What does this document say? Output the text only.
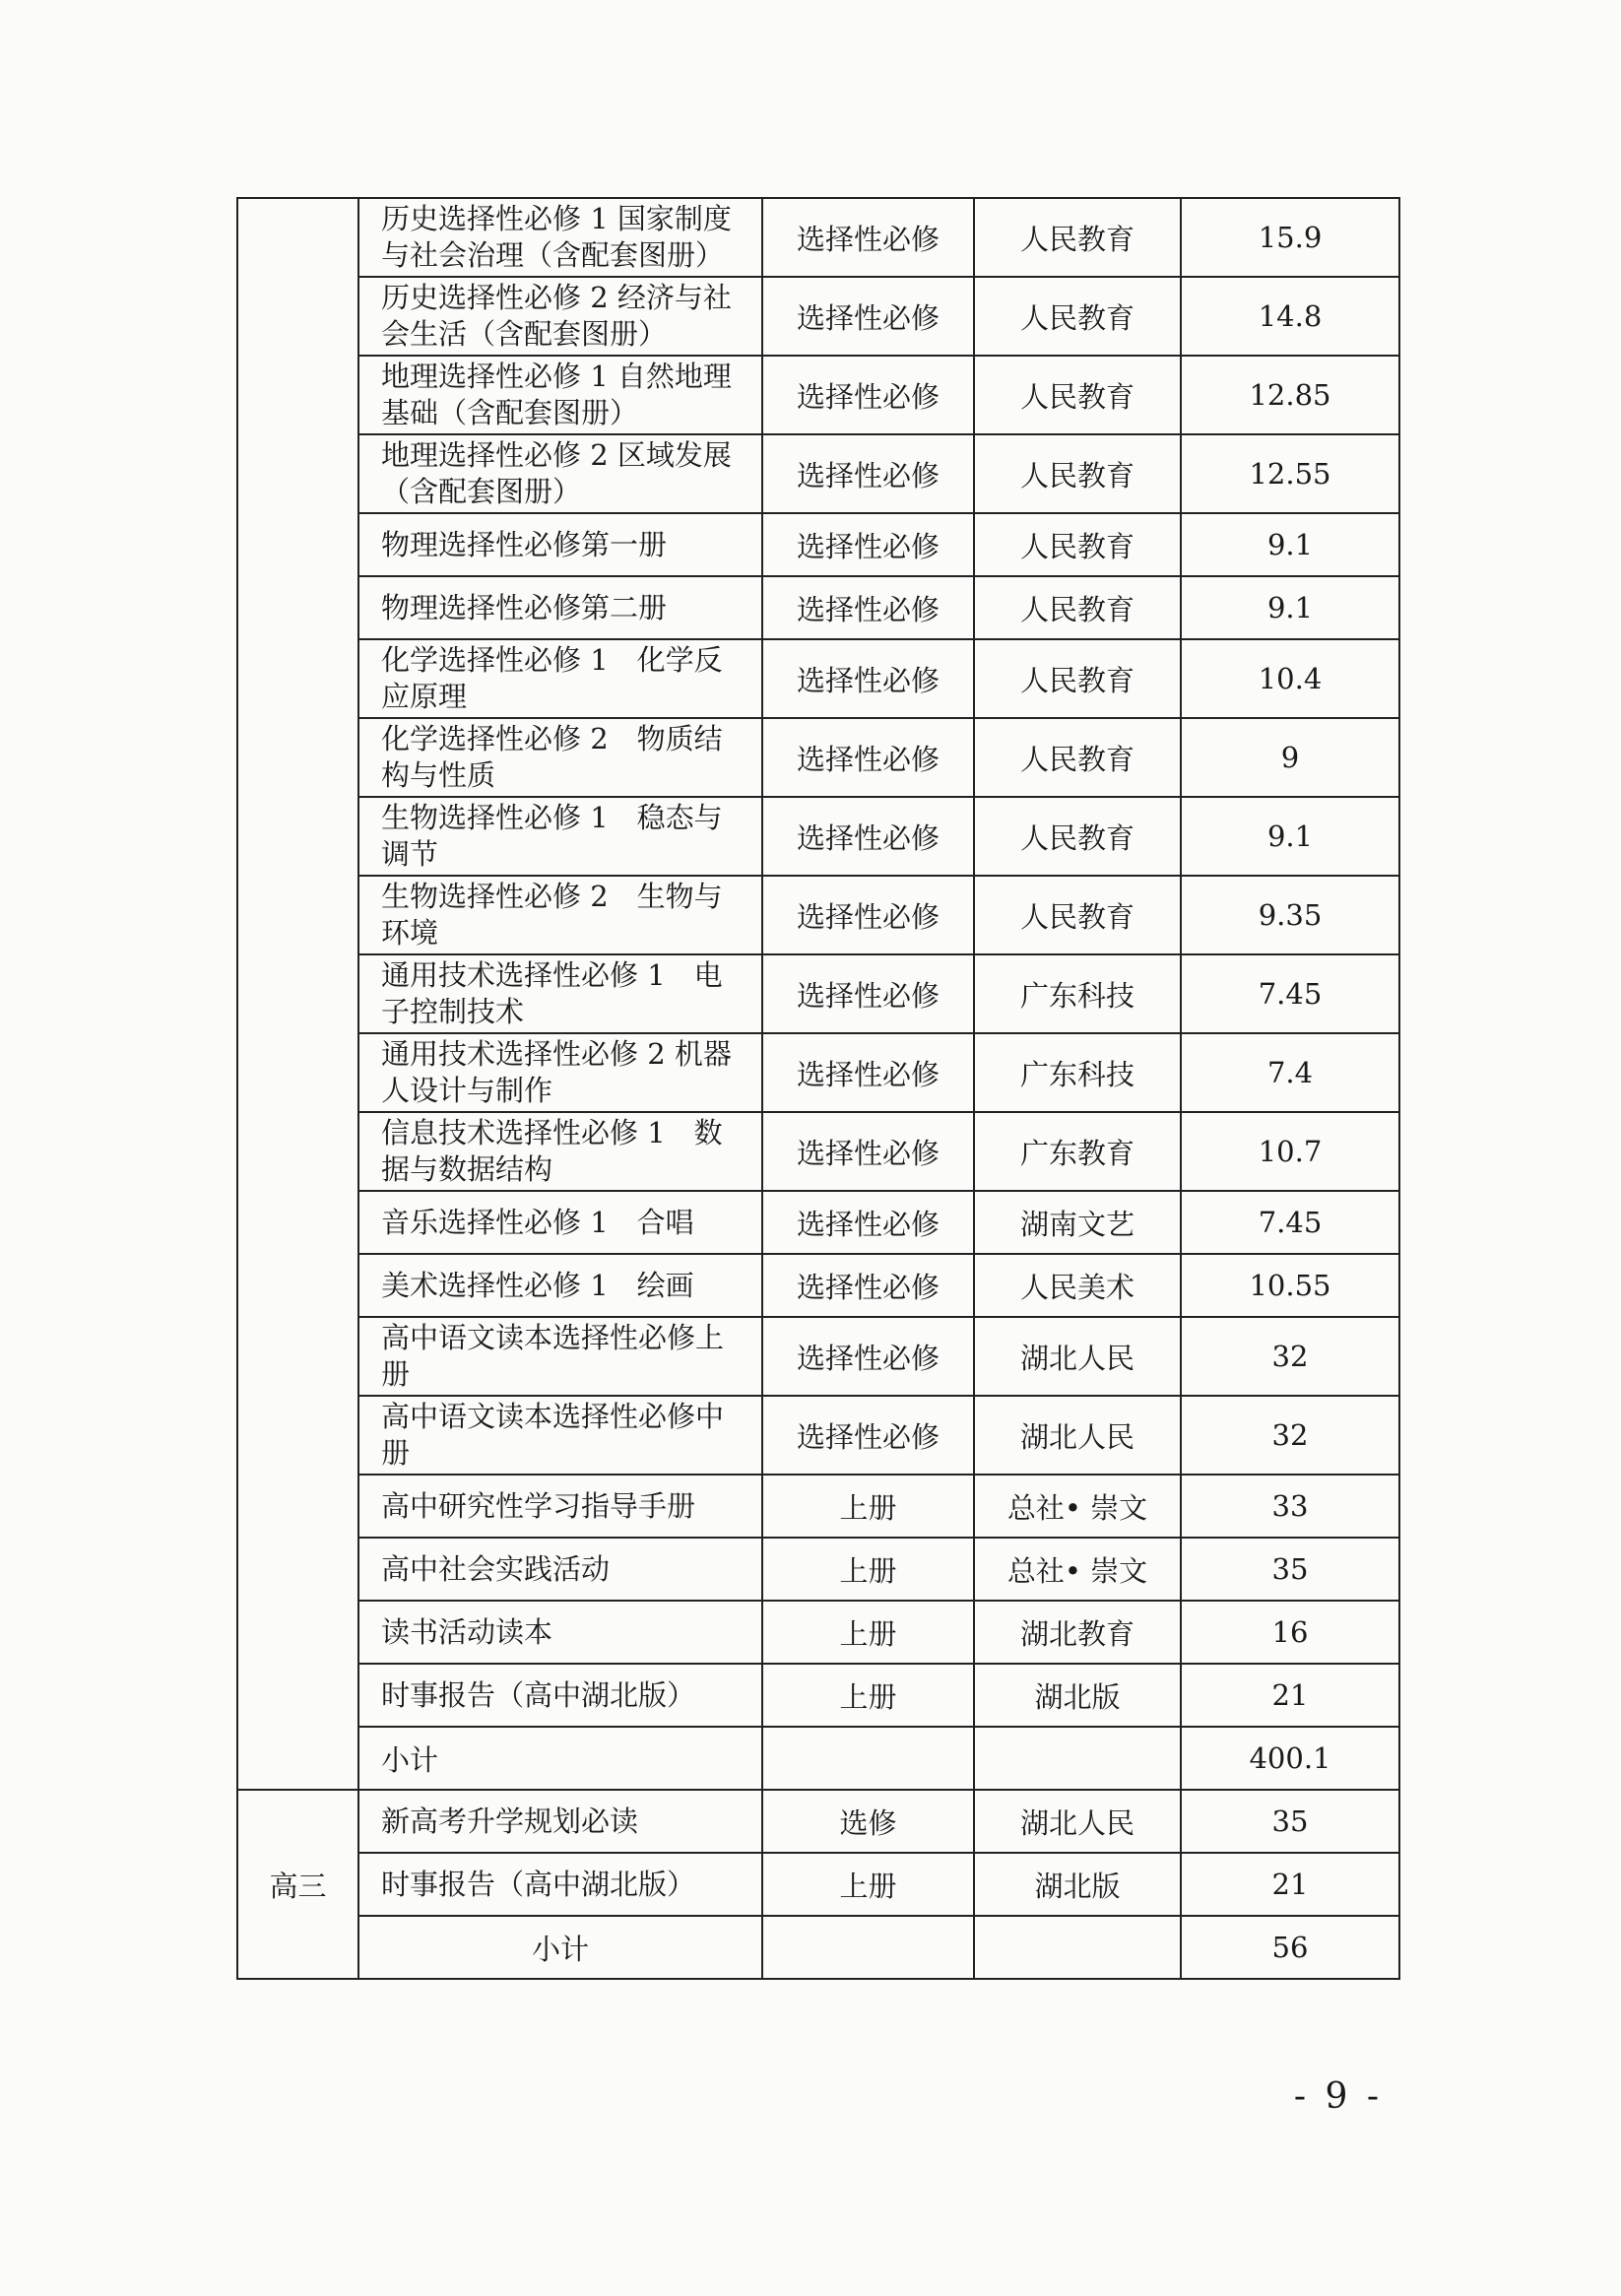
	历史选择性必修 1 国家制度与社会治理（含配套图册）	选择性必修	人民教育	15.9
	历史选择性必修 2 经济与社会生活（含配套图册）	选择性必修	人民教育	14.8
	地理选择性必修 1 自然地理基础（含配套图册）	选择性必修	人民教育	12.85
	地理选择性必修 2 区域发展（含配套图册）	选择性必修	人民教育	12.55
	物理选择性必修第一册	选择性必修	人民教育	9.1
	物理选择性必修第二册	选择性必修	人民教育	9.1
	化学选择性必修 1　化学反应原理	选择性必修	人民教育	10.4
	化学选择性必修 2　物质结构与性质	选择性必修	人民教育	9
	生物选择性必修 1　稳态与调节	选择性必修	人民教育	9.1
	生物选择性必修 2　生物与环境	选择性必修	人民教育	9.35
	通用技术选择性必修 1　电子控制技术	选择性必修	广东科技	7.45
	通用技术选择性必修 2 机器人设计与制作	选择性必修	广东科技	7.4
	信息技术选择性必修 1　数据与数据结构	选择性必修	广东教育	10.7
	音乐选择性必修 1　合唱	选择性必修	湖南文艺	7.45
	美术选择性必修 1　绘画	选择性必修	人民美术	10.55
	高中语文读本选择性必修上册	选择性必修	湖北人民	32
	高中语文读本选择性必修中册	选择性必修	湖北人民	32
	高中研究性学习指导手册	上册	总社• 崇文	33
	高中社会实践活动	上册	总社• 崇文	35
	读书活动读本	上册	湖北教育	16
	时事报告（高中湖北版）	上册	湖北版	21
	小计			400.1
高三	新高考升学规划必读	选修	湖北人民	35
	时事报告（高中湖北版）	上册	湖北版	21
	小计			56
- 9 -
